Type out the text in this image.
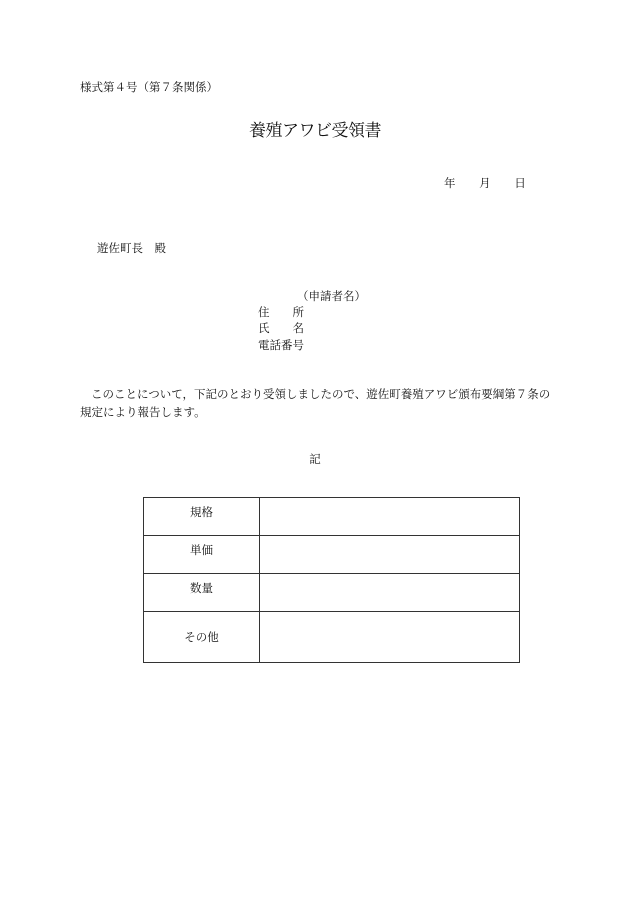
様式第４号（第７条関係）
養殖アワビ受領書
年 月 日
遊佐町長　殿
（申請者名）
住　　所
氏　　名
電話番号
このことについて，下記のとおり受領しましたので、遊佐町養殖アワビ頒布要綱第７条の規定により報告します。
記
規格	
単価	
数量	
その他	
